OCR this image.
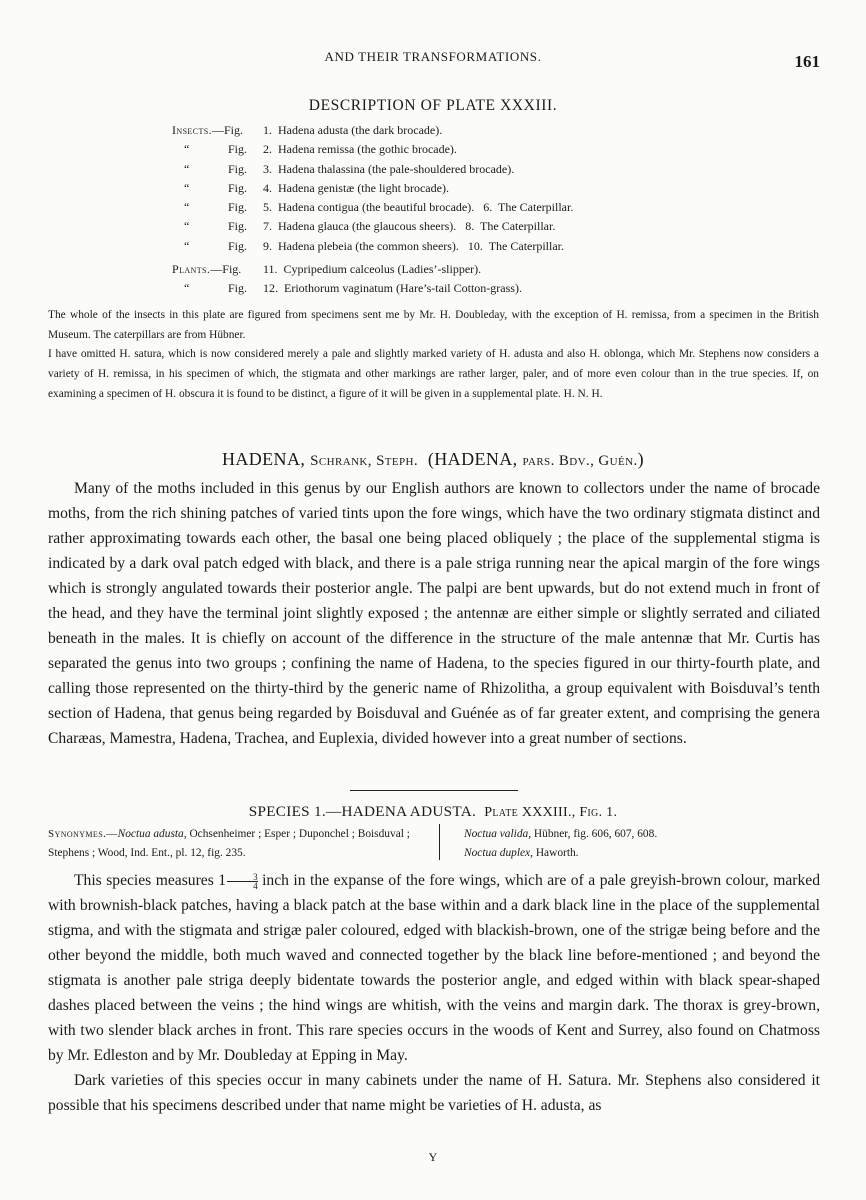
AND THEIR TRANSFORMATIONS.	161
DESCRIPTION OF PLATE XXXIII.
Insects.—Fig.	1.  Hadena adusta (the dark brocade).
“	Fig. 2.  Hadena remissa (the gothic brocade).
“	Fig. 3.  Hadena thalassina (the pale-shouldered brocade).
“	Fig. 4.  Hadena genistæ (the light brocade).
“	Fig. 5.  Hadena contigua (the beautiful brocade).   6.  The Caterpillar.
“	Fig. 7.  Hadena glauca (the glaucous sheers).   8.  The Caterpillar.
“	Fig. 9.  Hadena plebeia (the common sheers).   10.  The Caterpillar.
Plants.—Fig.	11.  Cypripedium calceolus (Ladies’-slipper).
“	Fig. 12.  Eriothorum vaginatum (Hare’s-tail Cotton-grass).

The whole of the insects in this plate are figured from specimens sent me by Mr. H. Doubleday, with the exception of H. remissa, from a specimen in the British Museum. The caterpillars are from Hübner.

I have omitted H. satura, which is now considered merely a pale and slightly marked variety of H. adusta and also H. oblonga, which Mr. Stephens now considers a variety of H. remissa, in his specimen of which, the stigmata and other markings are rather larger, paler, and of more even colour than in the true species. If, on examining a specimen of H. obscura it is found to be distinct, a figure of it will be given in a supplemental plate. H. N. H.

HADENA, Schrank, Steph. (HADENA, pars. Bdv., Guén.)

Many of the moths included in this genus by our English authors are known to collectors under the name of brocade moths, from the rich shining patches of varied tints upon the fore wings, which have the two ordinary stigmata distinct and rather approximating towards each other, the basal one being placed obliquely ; the place of the supplemental stigma is indicated by a dark oval patch edged with black, and there is a pale striga running near the apical margin of the fore wings which is strongly angulated towards their posterior angle. The palpi are bent upwards, but do not extend much in front of the head, and they have the terminal joint slightly exposed ; the antennæ are either simple or slightly serrated and ciliated beneath in the males. It is chiefly on account of the difference in the structure of the male antennæ that Mr. Curtis has separated the genus into two groups ; confining the name of Hadena, to the species figured in our thirty-fourth plate, and calling those represented on the thirty-third by the generic name of Rhizolitha, a group equivalent with Boisduval’s tenth section of Hadena, that genus being regarded by Boisduval and Guénée as of far greater extent, and comprising the genera Charæas, Mamestra, Hadena, Trachea, and Euplexia, divided however into a great number of sections.

SPECIES 1.—HADENA ADUSTA. Plate XXXIII., Fig. 1.
Synonymes.—Noctua adusta, Ochsenheimer ; Esper ; Duponchel ; Boisduval ; Stephens ; Wood, Ind. Ent., pl. 12, fig. 235.
Noctua valida, Hübner, fig. 606, 607, 608.
Noctua duplex, Haworth.

This species measures $1 \frac{3}{4}$ inch in the expanse of the fore wings, which are of a pale greyish-brown colour, marked with brownish-black patches, having a black patch at the base within and a dark black line in the place of the supplemental stigma, and with the stigmata and strigæ paler coloured, edged with blackish-brown, one of the strigæ being before and the other beyond the middle, both much waved and connected together by the black line before-mentioned ; and beyond the stigmata is another pale striga deeply bidentate towards the posterior angle, and edged within with black spear-shaped dashes placed between the veins ; the hind wings are whitish, with the veins and margin dark. The thorax is grey-brown, with two slender black arches in front. This rare species occurs in the woods of Kent and Surrey, also found on Chatmoss by Mr. Edleston and by Mr. Doubleday at Epping in May.

Dark varieties of this species occur in many cabinets under the name of H. Satura. Mr. Stephens also considered it possible that his specimens described under that name might be varieties of H. adusta, as

Y
